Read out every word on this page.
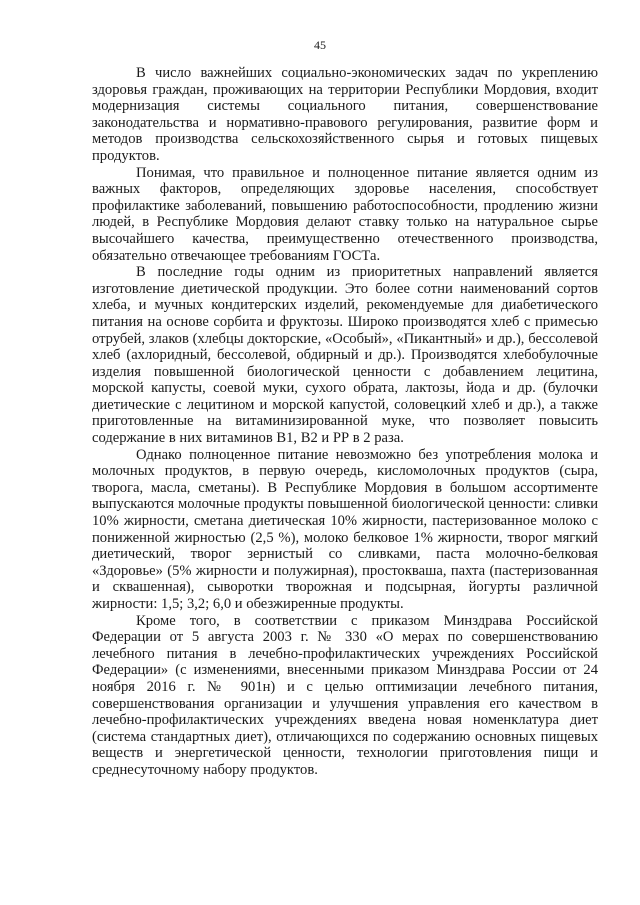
45

В число важнейших социально-экономических задач по укреплению здоровья граждан, проживающих на территории Республики Мордовия, входит модернизация системы социального питания, совершенствование законодательства и нормативно-правового регулирования, развитие форм и методов производства сельскохозяйственного сырья и готовых пищевых продуктов.

Понимая, что правильное и полноценное питание является одним из важных факторов, определяющих здоровье населения, способствует профилактике заболеваний, повышению работоспособности, продлению жизни людей, в Республике Мордовия делают ставку только на натуральное сырье высочайшего качества, преимущественно отечественного производства, обязательно отвечающее требованиям ГОСТа.

В последние годы одним из приоритетных направлений является изготовление диетической продукции. Это более сотни наименований сортов хлеба, и мучных кондитерских изделий, рекомендуемые для диабетического питания на основе сорбита и фруктозы. Широко производятся хлеб с примесью отрубей, злаков (хлебцы докторские, «Особый», «Пикантный» и др.), бессолевой хлеб (ахлоридный, бессолевой, обдирный и др.). Производятся хлебобулочные изделия повышенной биологической ценности с добавлением лецитина, морской капусты, соевой муки, сухого обрата, лактозы, йода и др. (булочки диетические с лецитином и морской капустой, соловецкий хлеб и др.), а также приготовленные на витаминизированной муке, что позволяет повысить содержание в них витаминов В1, В2 и РР в 2 раза.

Однако полноценное питание невозможно без употребления молока и молочных продуктов, в первую очередь, кисломолочных продуктов (сыра, творога, масла, сметаны). В Республике Мордовия в большом ассортименте выпускаются молочные продукты повышенной биологической ценности: сливки 10% жирности, сметана диетическая 10% жирности, пастеризованное молоко с пониженной жирностью (2,5 %), молоко белковое 1% жирности, творог мягкий диетический, творог зернистый со сливками, паста молочно-белковая «Здоровье» (5% жирности и полужирная), простокваша, пахта (пастеризованная и сквашенная), сыворотки творожная и подсырная, йогурты различной жирности: 1,5; 3,2; 6,0 и обезжиренные продукты.

Кроме того, в соответствии с приказом Минздрава Российской Федерации от 5 августа 2003 г. № 330 «О мерах по совершенствованию лечебного питания в лечебно-профилактических учреждениях Российской Федерации» (с изменениями, внесенными приказом Минздрава России от 24 ноября 2016 г. № 901н) и с целью оптимизации лечебного питания, совершенствования организации и улучшения управления его качеством в лечебно-профилактических учреждениях введена новая номенклатура диет (система стандартных диет), отличающихся по содержанию основных пищевых веществ и энергетической ценности, технологии приготовления пищи и среднесуточному набору продуктов.
